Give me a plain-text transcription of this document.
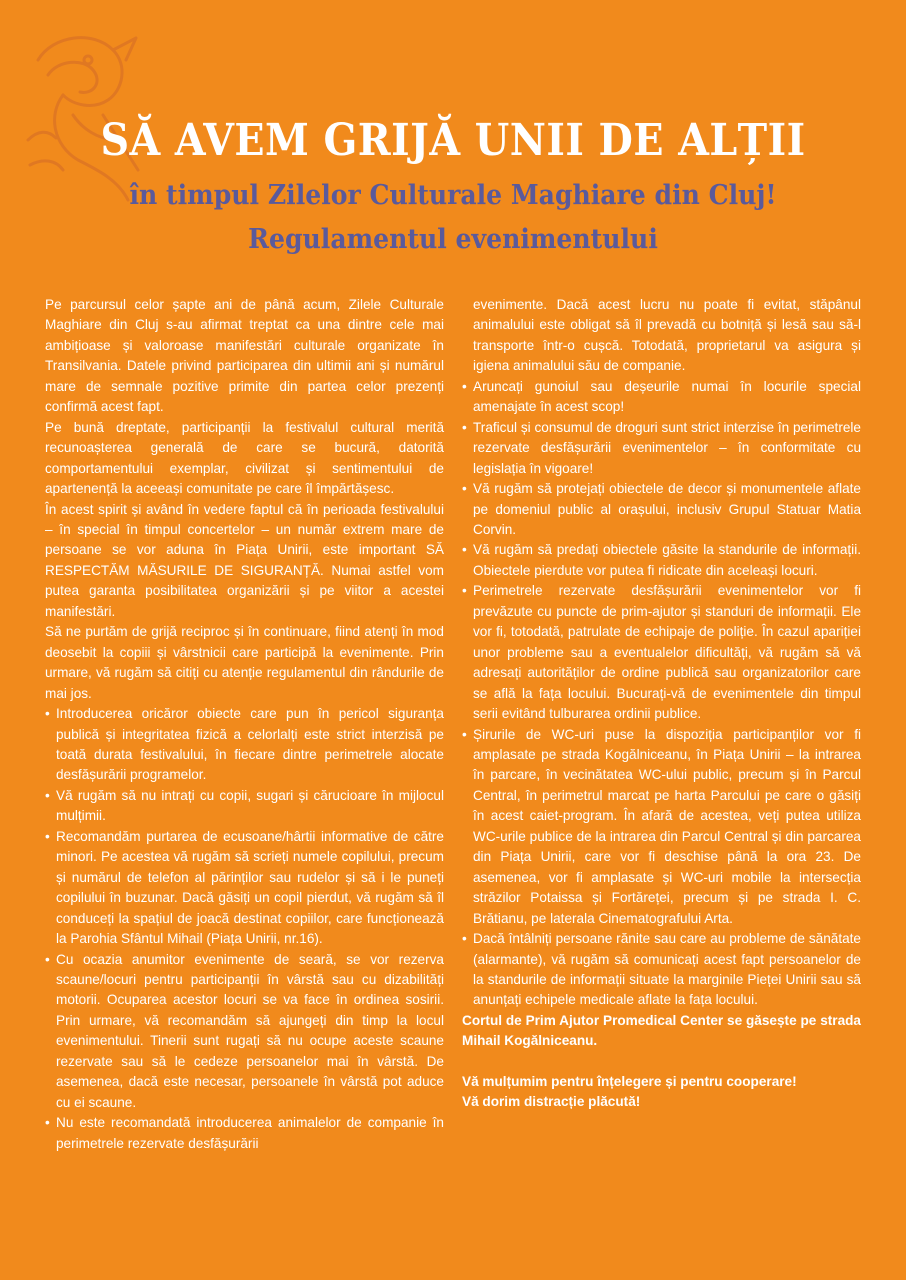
SĂ AVEM GRIJĂ UNII DE ALȚII
în timpul Zilelor Culturale Maghiare din Cluj!
Regulamentul evenimentului

Pe parcursul celor șapte ani de până acum, Zilele Culturale Maghiare din Cluj s-au afirmat treptat ca una dintre cele mai ambițioase și valoroase manifestări culturale organizate în Transilvania. Datele privind participarea din ultimii ani și numărul mare de semnale pozitive primite din partea celor prezenți confirmă acest fapt.

Pe bună dreptate, participanții la festivalul cultural merită recunoașterea generală de care se bucură, datorită comportamentului exemplar, civilizat și sentimentului de apartenență la aceeași comunitate pe care îl împărtășesc.

În acest spirit și având în vedere faptul că în perioada festivalului – în special în timpul concertelor – un număr extrem mare de persoane se vor aduna în Piața Unirii, este important SĂ RESPECTĂM MĂSURILE DE SIGURANȚĂ. Numai astfel vom putea garanta posibilitatea organizării și pe viitor a acestei manifestări.

Să ne purtăm de grijă reciproc și în continuare, fiind atenți în mod deosebit la copiii și vârstnicii care participă la evenimente. Prin urmare, vă rugăm să citiți cu atenție regulamentul din rândurile de mai jos.

• Introducerea oricăror obiecte care pun în pericol siguranța publică și integritatea fizică a celorlalți este strict interzisă pe toată durata festivalului, în fiecare dintre perimetrele alocate desfășurării programelor.
• Vă rugăm să nu intrați cu copii, sugari și cărucioare în mijlocul mulțimii.
• Recomandăm purtarea de ecusoane/hârtii informative de către minori. Pe acestea vă rugăm să scrieți numele copilului, precum și numărul de telefon al părinților sau rudelor și să i le puneți copilului în buzunar. Dacă găsiți un copil pierdut, vă rugăm să îl conduceți la spațiul de joacă destinat copiilor, care funcționează la Parohia Sfântul Mihail (Piața Unirii, nr.16).
• Cu ocazia anumitor evenimente de seară, se vor rezerva scaune/locuri pentru participanții în vârstă sau cu dizabilități motorii. Ocuparea acestor locuri se va face în ordinea sosirii. Prin urmare, vă recomandăm să ajungeți din timp la locul evenimentului. Tinerii sunt rugați să nu ocupe aceste scaune rezervate sau să le cedeze persoanelor mai în vârstă. De asemenea, dacă este necesar, persoanele în vârstă pot aduce cu ei scaune.
• Nu este recomandată introducerea animalelor de companie în perimetrele rezervate desfășurării
evenimente. Dacă acest lucru nu poate fi evitat, stăpânul animalului este obligat să îl prevadă cu botniță și lesă sau să-l transporte într-o cușcă. Totodată, proprietarul va asigura și igiena animalului său de companie.
• Aruncați gunoiul sau deșeurile numai în locurile special amenajate în acest scop!
• Traficul și consumul de droguri sunt strict interzise în perimetrele rezervate desfășurării evenimentelor – în conformitate cu legislația în vigoare!
• Vă rugăm să protejați obiectele de decor și monumentele aflate pe domeniul public al orașului, inclusiv Grupul Statuar Matia Corvin.
• Vă rugăm să predați obiectele găsite la standurile de informații. Obiectele pierdute vor putea fi ridicate din aceleași locuri.
• Perimetrele rezervate desfășurării evenimentelor vor fi prevăzute cu puncte de prim-ajutor și standuri de informații. Ele vor fi, totodată, patrulate de echipaje de poliție. În cazul apariției unor probleme sau a eventualelor dificultăți, vă rugăm să vă adresați autorităților de ordine publică sau organizatorilor care se află la fața locului. Bucurați-vă de evenimentele din timpul serii evitând tulburarea ordinii publice.
• Șirurile de WC-uri puse la dispoziția participanților vor fi amplasate pe strada Kogălniceanu, în Piața Unirii – la intrarea în parcare, în vecinătatea WC-ului public, precum și în Parcul Central, în perimetrul marcat pe harta Parcului pe care o găsiți în acest caiet-program. În afară de acestea, veți putea utiliza WC-urile publice de la intrarea din Parcul Central și din parcarea din Piața Unirii, care vor fi deschise până la ora 23. De asemenea, vor fi amplasate și WC-uri mobile la intersecția străzilor Potaissa și Fortăreței, precum și pe strada I. C. Brătianu, pe laterala Cinematografului Arta.
• Dacă întâlniți persoane rănite sau care au probleme de sănătate (alarmante), vă rugăm să comunicați acest fapt persoanelor de la standurile de informații situate la marginile Pieței Unirii sau să anunțați echipele medicale aflate la fața locului.

Cortul de Prim Ajutor Promedical Center se găsește pe strada Mihail Kogălniceanu.

Vă mulțumim pentru înțelegere și pentru cooperare!
Vă dorim distracție plăcută!
